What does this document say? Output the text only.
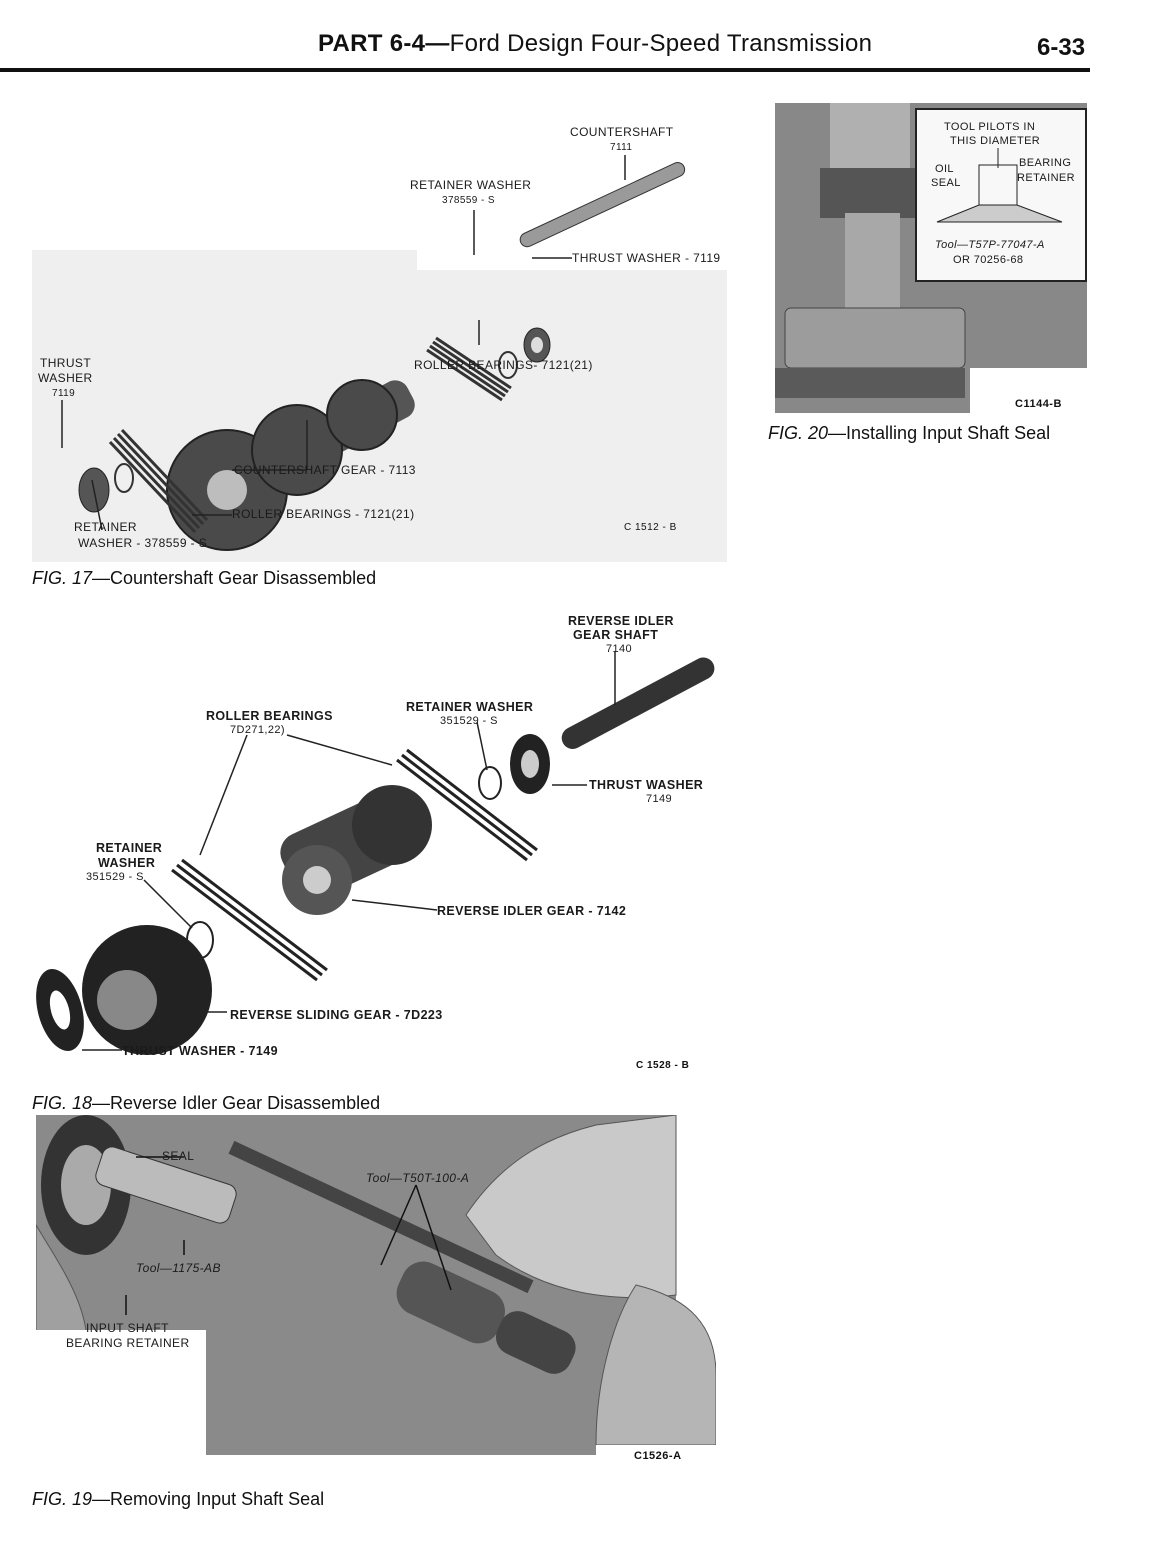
PART 6-4—Ford Design Four-Speed Transmission	6-33
COUNTERSHAFT
7111
RETAINER WASHER
378559 - S
THRUST WASHER - 7119
ROLLER BEARINGS- 7121(21)
THRUST
WASHER
7119
COUNTERSHAFT GEAR - 7113
ROLLER BEARINGS - 7121(21)
RETAINER
WASHER - 378559 - S
C 1512 - B
FIG. 17—Countershaft Gear Disassembled
TOOL PILOTS IN
THIS DIAMETER
OIL
SEAL
BEARING
RETAINER
Tool—T57P-77047-A
OR 70256-68
C1144-B
FIG. 20—Installing Input Shaft Seal
REVERSE IDLER
GEAR SHAFT
7140
RETAINER WASHER
351529 - S
ROLLER BEARINGS
7D271,22)
THRUST WASHER
7149
RETAINER
WASHER
351529 - S
REVERSE IDLER GEAR - 7142
REVERSE SLIDING GEAR - 7D223
THRUST WASHER - 7149
C 1528 - B
FIG. 18—Reverse Idler Gear Disassembled
SEAL
Tool—T50T-100-A
Tool—1175-AB
INPUT SHAFT
BEARING RETAINER
C1526-A
FIG. 19—Removing Input Shaft Seal
